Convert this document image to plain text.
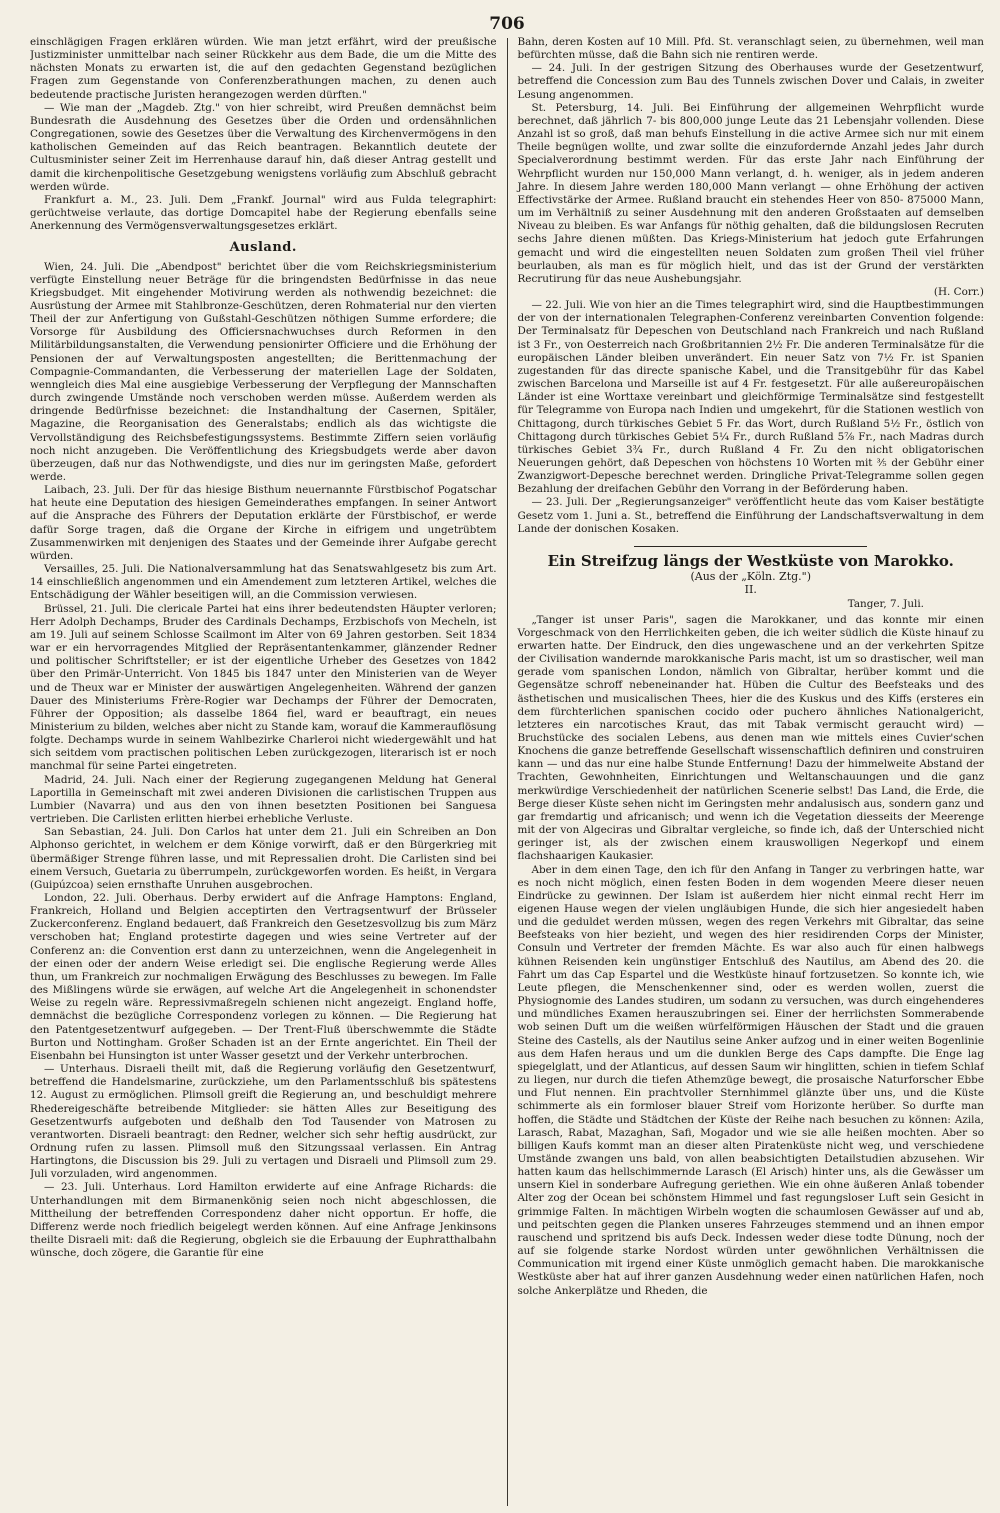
706

einschlägigen Fragen erklären würden. Wie man jetzt erfährt, wird der preußische Justizminister unmittelbar nach seiner Rückkehr aus dem Bade, die um die Mitte des nächsten Monats zu erwarten ist, die auf den gedachten Gegenstand bezüglichen Fragen zum Gegenstande von Conferenzberathungen machen, zu denen auch bedeutende practische Juristen herangezogen werden dürften."

— Wie man der „Magdeb. Ztg." von hier schreibt, wird Preußen demnächst beim Bundesrath die Ausdehnung des Gesetzes über die Orden und ordensähnlichen Congregationen, sowie des Gesetzes über die Verwaltung des Kirchenvermögens in den katholischen Gemeinden auf das Reich beantragen. Bekanntlich deutete der Cultusminister seiner Zeit im Herrenhause darauf hin, daß dieser Antrag gestellt und damit die kirchenpolitische Gesetzgebung wenigstens vorläufig zum Abschluß gebracht werden würde.

Frankfurt a. M., 23. Juli. Dem „Frankf. Journal" wird aus Fulda telegraphirt: gerüchtweise verlaute, das dortige Domcapitel habe der Regierung ebenfalls seine Anerkennung des Vermögensverwaltungsgesetzes erklärt.

Ausland.

Wien, 24. Juli. Die „Abendpost" berichtet über die vom Reichskriegsministerium verfügte Einstellung neuer Beträge für die bringendsten Bedürfnisse in das neue Kriegsbudget. Mit eingehender Motivirung werden als nothwendig bezeichnet: die Ausrüstung der Armee mit Stahlbronze-Geschützen, deren Rohmaterial nur den vierten Theil der zur Anfertigung von Gußstahl-Geschützen nöthigen Summe erfordere; die Vorsorge für Ausbildung des Officiersnachwuchses durch Reformen in den Militärbildungsanstalten, die Verwendung pensionirter Officiere und die Erhöhung der Pensionen der auf Verwaltungsposten angestellten; die Berittenmachung der Compagnie-Commandanten, die Verbesserung der materiellen Lage der Soldaten, wenngleich dies Mal eine ausgiebige Verbesserung der Verpflegung der Mannschaften durch zwingende Umstände noch verschoben werden müsse. Außerdem werden als dringende Bedürfnisse bezeichnet: die Instandhaltung der Casernen, Spitäler, Magazine, die Reorganisation des Generalstabs; endlich als das wichtigste die Vervollständigung des Reichsbefestigungssystems. Bestimmte Ziffern seien vorläufig noch nicht anzugeben. Die Veröffentlichung des Kriegsbudgets werde aber davon überzeugen, daß nur das Nothwendigste, und dies nur im geringsten Maße, gefordert werde.

Laibach, 23. Juli. Der für das hiesige Bisthum neuernannte Fürstbischof Pogatschar hat heute eine Deputation des hiesigen Gemeinderathes empfangen. In seiner Antwort auf die Ansprache des Führers der Deputation erklärte der Fürstbischof, er werde dafür Sorge tragen, daß die Organe der Kirche in eifrigem und ungetrübtem Zusammenwirken mit denjenigen des Staates und der Gemeinde ihrer Aufgabe gerecht würden.

Versailles, 25. Juli. Die Nationalversammlung hat das Senatswahlgesetz bis zum Art. 14 einschließlich angenommen und ein Amendement zum letzteren Artikel, welches die Entschädigung der Wähler beseitigen will, an die Commission verwiesen.

Brüssel, 21. Juli. Die clericale Partei hat eins ihrer bedeutendsten Häupter verloren; Herr Adolph Dechamps, Bruder des Cardinals Dechamps, Erzbischofs von Mecheln, ist am 19. Juli auf seinem Schlosse Scailmont im Alter von 69 Jahren gestorben. Seit 1834 war er ein hervorragendes Mitglied der Repräsentantenkammer, glänzender Redner und politischer Schriftsteller; er ist der eigentliche Urheber des Gesetzes von 1842 über den Primär-Unterricht. Von 1845 bis 1847 unter den Ministerien van de Weyer und de Theux war er Minister der auswärtigen Angelegenheiten. Während der ganzen Dauer des Ministeriums Frère-Rogier war Dechamps der Führer der Democraten, Führer der Opposition; als dasselbe 1864 fiel, ward er beauftragt, ein neues Ministerium zu bilden, welches aber nicht zu Stande kam, worauf die Kammerauflösung folgte. Dechamps wurde in seinem Wahlbezirke Charleroi nicht wiedergewählt und hat sich seitdem vom practischen politischen Leben zurückgezogen, literarisch ist er noch manchmal für seine Partei eingetreten.

Madrid, 24. Juli. Nach einer der Regierung zugegangenen Meldung hat General Laportilla in Gemeinschaft mit zwei anderen Divisionen die carlistischen Truppen aus Lumbier (Navarra) und aus den von ihnen besetzten Positionen bei Sanguesa vertrieben. Die Carlisten erlitten hierbei erhebliche Verluste.

San Sebastian, 24. Juli. Don Carlos hat unter dem 21. Juli ein Schreiben an Don Alphonso gerichtet, in welchem er dem Könige vorwirft, daß er den Bürgerkrieg mit übermäßiger Strenge führen lasse, und mit Repressalien droht. Die Carlisten sind bei einem Versuch, Guetaria zu überrumpeln, zurückgeworfen worden. Es heißt, in Vergara (Guipúzcoa) seien ernsthafte Unruhen ausgebrochen.

London, 22. Juli. Oberhaus. Derby erwidert auf die Anfrage Hamptons: England, Frankreich, Holland und Belgien acceptirten den Vertragsentwurf der Brüsseler Zuckerconferenz. England bedauert, daß Frankreich den Gesetzesvollzug bis zum März verschoben hat; England protestirte dagegen und wies seine Vertreter auf der Conferenz an: die Convention erst dann zu unterzeichnen, wenn die Angelegenheit in der einen oder der andern Weise erledigt sei. Die englische Regierung werde Alles thun, um Frankreich zur nochmaligen Erwägung des Beschlusses zu bewegen. Im Falle des Mißlingens würde sie erwägen, auf welche Art die Angelegenheit in schonendster Weise zu regeln wäre. Repressivmaßregeln schienen nicht angezeigt. England hoffe, demnächst die bezügliche Correspondenz vorlegen zu können. — Die Regierung hat den Patentgesetzentwurf aufgegeben. — Der Trent-Fluß überschwemmte die Städte Burton und Nottingham. Großer Schaden ist an der Ernte angerichtet. Ein Theil der Eisenbahn bei Hunsington ist unter Wasser gesetzt und der Verkehr unterbrochen.

— Unterhaus. Disraeli theilt mit, daß die Regierung vorläufig den Gesetzentwurf, betreffend die Handelsmarine, zurückziehe, um den Parlamentsschluß bis spätestens 12. August zu ermöglichen. Plimsoll greift die Regierung an, und beschuldigt mehrere Rhedereigeschäfte betreibende Mitglieder: sie hätten Alles zur Beseitigung des Gesetzentwurfs aufgeboten und deßhalb den Tod Tausender von Matrosen zu verantworten. Disraeli beantragt: den Redner, welcher sich sehr heftig ausdrückt, zur Ordnung rufen zu lassen. Plimsoll muß den Sitzungssaal verlassen. Ein Antrag Hartingtons, die Discussion bis 29. Juli zu vertagen und Disraeli und Plimsoll zum 29. Juli vorzuladen, wird angenommen.

— 23. Juli. Unterhaus. Lord Hamilton erwiderte auf eine Anfrage Richards: die Unterhandlungen mit dem Birmanenkönig seien noch nicht abgeschlossen, die Mittheilung der betreffenden Correspondenz daher nicht opportun. Er hoffe, die Differenz werde noch friedlich beigelegt werden können. Auf eine Anfrage Jenkinsons theilte Disraeli mit: daß die Regierung, obgleich sie die Erbauung der Euphratthalbahn wünsche, doch zögere, die Garantie für eine

Bahn, deren Kosten auf 10 Mill. Pfd. St. veranschlagt seien, zu übernehmen, weil man befürchten müsse, daß die Bahn sich nie rentiren werde.

— 24. Juli. In der gestrigen Sitzung des Oberhauses wurde der Gesetzentwurf, betreffend die Concession zum Bau des Tunnels zwischen Dover und Calais, in zweiter Lesung angenommen.

St. Petersburg, 14. Juli. Bei Einführung der allgemeinen Wehrpflicht wurde berechnet, daß jährlich 7- bis 800,000 junge Leute das 21 Lebensjahr vollenden. Diese Anzahl ist so groß, daß man behufs Einstellung in die active Armee sich nur mit einem Theile begnügen wollte, und zwar sollte die einzufordernde Anzahl jedes Jahr durch Specialverordnung bestimmt werden. Für das erste Jahr nach Einführung der Wehrpflicht wurden nur 150,000 Mann verlangt, d. h. weniger, als in jedem anderen Jahre. In diesem Jahre werden 180,000 Mann verlangt — ohne Erhöhung der activen Effectivstärke der Armee. Rußland braucht ein stehendes Heer von 850- 875000 Mann, um im Verhältniß zu seiner Ausdehnung mit den anderen Großstaaten auf demselben Niveau zu bleiben. Es war Anfangs für nöthig gehalten, daß die bildungslosen Recruten sechs Jahre dienen müßten. Das Kriegs-Ministerium hat jedoch gute Erfahrungen gemacht und wird die eingestellten neuen Soldaten zum großen Theil viel früher beurlauben, als man es für möglich hielt, und das ist der Grund der verstärkten Recrutirung für das neue Aushebungsjahr.

(H. Corr.)

— 22. Juli. Wie von hier an die Times telegraphirt wird, sind die Hauptbestimmungen der von der internationalen Telegraphen-Conferenz vereinbarten Convention folgende: Der Terminalsatz für Depeschen von Deutschland nach Frankreich und nach Rußland ist 3 Fr., von Oesterreich nach Großbritannien 2½ Fr. Die anderen Terminalsätze für die europäischen Länder bleiben unverändert. Ein neuer Satz von 7½ Fr. ist Spanien zugestanden für das directe spanische Kabel, und die Transitgebühr für das Kabel zwischen Barcelona und Marseille ist auf 4 Fr. festgesetzt. Für alle außereuropäischen Länder ist eine Worttaxe vereinbart und gleichförmige Terminalsätze sind festgestellt für Telegramme von Europa nach Indien und umgekehrt, für die Stationen westlich von Chittagong, durch türkisches Gebiet 5 Fr. das Wort, durch Rußland 5½ Fr., östlich von Chittagong durch türkisches Gebiet 5¼ Fr., durch Rußland 5⅞ Fr., nach Madras durch türkisches Gebiet 3¾ Fr., durch Rußland 4 Fr. Zu den nicht obligatorischen Neuerungen gehört, daß Depeschen von höchstens 10 Worten mit ⅗ der Gebühr einer Zwanzigwort-Depesche berechnet werden. Dringliche Privat-Telegramme sollen gegen Bezahlung der dreifachen Gebühr den Vorrang in der Beförderung haben.

— 23. Juli. Der „Regierungsanzeiger" veröffentlicht heute das vom Kaiser bestätigte Gesetz vom 1. Juni a. St., betreffend die Einführung der Landschaftsverwaltung in dem Lande der donischen Kosaken.

Ein Streifzug längs der Westküste von Marokko.
(Aus der „Köln. Ztg.")
II.
Tanger, 7. Juli.

„Tanger ist unser Paris", sagen die Marokkaner, und das konnte mir einen Vorgeschmack von den Herrlichkeiten geben, die ich weiter südlich die Küste hinauf zu erwarten hatte. Der Eindruck, den dies ungewaschene und an der verkehrten Spitze der Civilisation wandernde marokkanische Paris macht, ist um so drastischer, weil man gerade vom spanischen London, nämlich von Gibraltar, herüber kommt und die Gegensätze schroff nebeneinander hat. Hüben die Cultur des Beefsteaks und des ästhetischen und musicalischen Thees, hier die des Kuskus und des Kiffs (ersteres ein dem fürchterlichen spanischen cocido oder puchero ähnliches Nationalgericht, letzteres ein narcotisches Kraut, das mit Tabak vermischt geraucht wird) — Bruchstücke des socialen Lebens, aus denen man wie mittels eines Cuvier'schen Knochens die ganze betreffende Gesellschaft wissenschaftlich definiren und construiren kann — und das nur eine halbe Stunde Entfernung! Dazu der himmelweite Abstand der Trachten, Gewohnheiten, Einrichtungen und Weltanschauungen und die ganz merkwürdige Verschiedenheit der natürlichen Scenerie selbst! Das Land, die Erde, die Berge dieser Küste sehen nicht im Geringsten mehr andalusisch aus, sondern ganz und gar fremdartig und africanisch; und wenn ich die Vegetation diesseits der Meerenge mit der von Algeciras und Gibraltar vergleiche, so finde ich, daß der Unterschied nicht geringer ist, als der zwischen einem krauswolligen Negerkopf und einem flachshaarigen Kaukasier.

Aber in dem einen Tage, den ich für den Anfang in Tanger zu verbringen hatte, war es noch nicht möglich, einen festen Boden in dem wogenden Meere dieser neuen Eindrücke zu gewinnen. Der Islam ist außerdem hier nicht einmal recht Herr im eigenen Hause wegen der vielen ungläubigen Hunde, die sich hier angesiedelt haben und die geduldet werden müssen, wegen des regen Verkehrs mit Gibraltar, das seine Beefsteaks von hier bezieht, und wegen des hier residirenden Corps der Minister, Consuln und Vertreter der fremden Mächte. Es war also auch für einen halbwegs kühnen Reisenden kein ungünstiger Entschluß des Nautilus, am Abend des 20. die Fahrt um das Cap Espartel und die Westküste hinauf fortzusetzen. So konnte ich, wie Leute pflegen, die Menschenkenner sind, oder es werden wollen, zuerst die Physiognomie des Landes studiren, um sodann zu versuchen, was durch eingehenderes und mündliches Examen herauszubringen sei. Einer der herrlichsten Sommerabende wob seinen Duft um die weißen würfelförmigen Häuschen der Stadt und die grauen Steine des Castells, als der Nautilus seine Anker aufzog und in einer weiten Bogenlinie aus dem Hafen heraus und um die dunklen Berge des Caps dampfte. Die Enge lag spiegelglatt, und der Atlanticus, auf dessen Saum wir hinglitten, schien in tiefem Schlaf zu liegen, nur durch die tiefen Athemzüge bewegt, die prosaische Naturforscher Ebbe und Flut nennen. Ein prachtvoller Sternhimmel glänzte über uns, und die Küste schimmerte als ein formloser blauer Streif vom Horizonte herüber. So durfte man hoffen, die Städte und Städtchen der Küste der Reihe nach besuchen zu können: Azila, Larasch, Rabat, Mazaghan, Safi, Mogador und wie sie alle heißen mochten. Aber so billigen Kaufs kommt man an dieser alten Piratenküste nicht weg, und verschiedene Umstände zwangen uns bald, von allen beabsichtigten Detailstudien abzusehen. Wir hatten kaum das hellschimmernde Larasch (El Arisch) hinter uns, als die Gewässer um unsern Kiel in sonderbare Aufregung geriethen. Wie ein ohne äußeren Anlaß tobender Alter zog der Ocean bei schönstem Himmel und fast regungsloser Luft sein Gesicht in grimmige Falten. In mächtigen Wirbeln wogten die schaumlosen Gewässer auf und ab, und peitschten gegen die Planken unseres Fahrzeuges stemmend und an ihnen empor rauschend und spritzend bis aufs Deck. Indessen weder diese todte Dünung, noch der auf sie folgende starke Nordost würden unter gewöhnlichen Verhältnissen die Communication mit irgend einer Küste unmöglich gemacht haben. Die marokkanische Westküste aber hat auf ihrer ganzen Ausdehnung weder einen natürlichen Hafen, noch solche Ankerplätze und Rheden, die
